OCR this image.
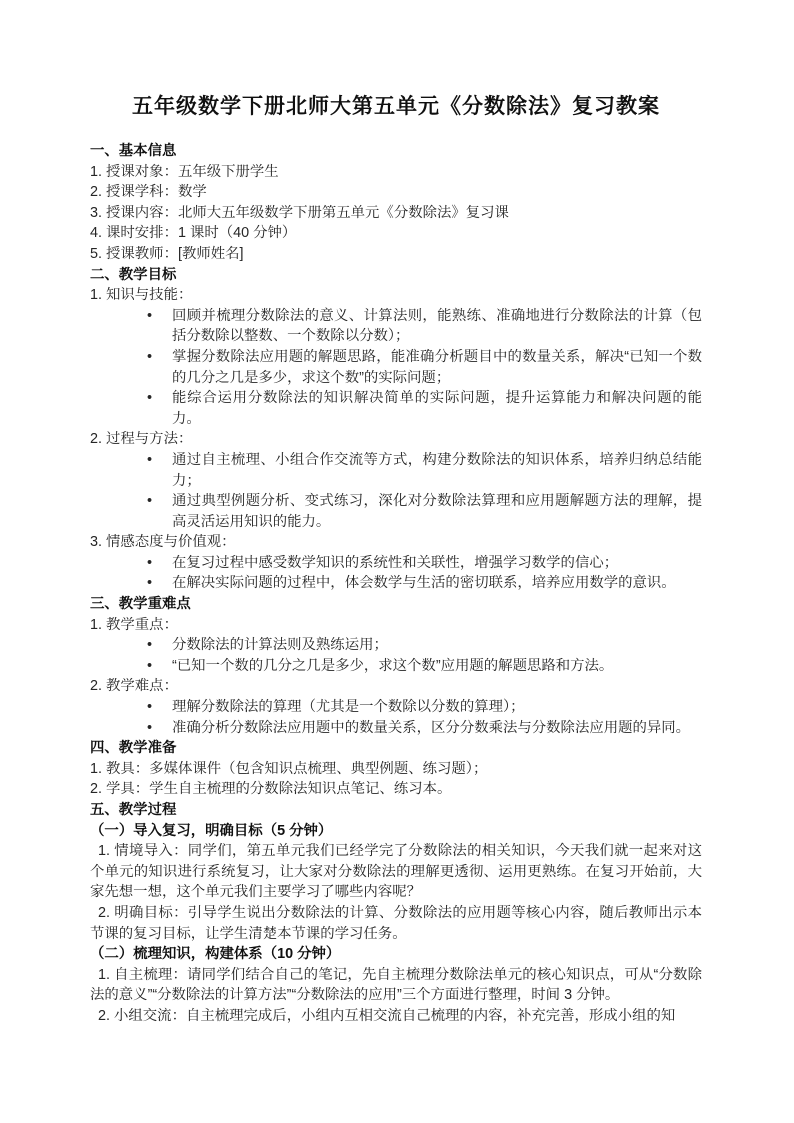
五年级数学下册北师大第五单元《分数除法》复习教案

一、基本信息

1. 授课对象：五年级下册学生

2. 授课学科：数学

3. 授课内容：北师大五年级数学下册第五单元《分数除法》复习课

4. 课时安排：1 课时（40 分钟）

5. 授课教师：[教师姓名]

二、教学目标

1. 知识与技能：

• 回顾并梳理分数除法的意义、计算法则，能熟练、准确地进行分数除法的计算（包括分数除以整数、一个数除以分数）；

• 掌握分数除法应用题的解题思路，能准确分析题目中的数量关系，解决“已知一个数的几分之几是多少，求这个数”的实际问题；

• 能综合运用分数除法的知识解决简单的实际问题，提升运算能力和解决问题的能力。

2. 过程与方法：

• 通过自主梳理、小组合作交流等方式，构建分数除法的知识体系，培养归纳总结能力；

• 通过典型例题分析、变式练习，深化对分数除法算理和应用题解题方法的理解，提高灵活运用知识的能力。

3. 情感态度与价值观：

• 在复习过程中感受数学知识的系统性和关联性，增强学习数学的信心；

• 在解决实际问题的过程中，体会数学与生活的密切联系，培养应用数学的意识。

三、教学重难点

1. 教学重点：

• 分数除法的计算法则及熟练运用；

• “已知一个数的几分之几是多少，求这个数”应用题的解题思路和方法。

2. 教学难点：

• 理解分数除法的算理（尤其是一个数除以分数的算理）；

• 准确分析分数除法应用题中的数量关系，区分分数乘法与分数除法应用题的异同。

四、教学准备

1. 教具：多媒体课件（包含知识点梳理、典型例题、练习题）；

2. 学具：学生自主梳理的分数除法知识点笔记、练习本。

五、教学过程

（一）导入复习，明确目标（5 分钟）

1. 情境导入：同学们，第五单元我们已经学完了分数除法的相关知识，今天我们就一起来对这个单元的知识进行系统复习，让大家对分数除法的理解更透彻、运用更熟练。在复习开始前，大家先想一想，这个单元我们主要学习了哪些内容呢？

2. 明确目标：引导学生说出分数除法的计算、分数除法的应用题等核心内容，随后教师出示本节课的复习目标，让学生清楚本节课的学习任务。

（二）梳理知识，构建体系（10 分钟）

1. 自主梳理：请同学们结合自己的笔记，先自主梳理分数除法单元的核心知识点，可从“分数除法的意义”“分数除法的计算方法”“分数除法的应用”三个方面进行整理，时间 3 分钟。

2. 小组交流：自主梳理完成后，小组内互相交流自己梳理的内容，补充完善，形成小组的知
